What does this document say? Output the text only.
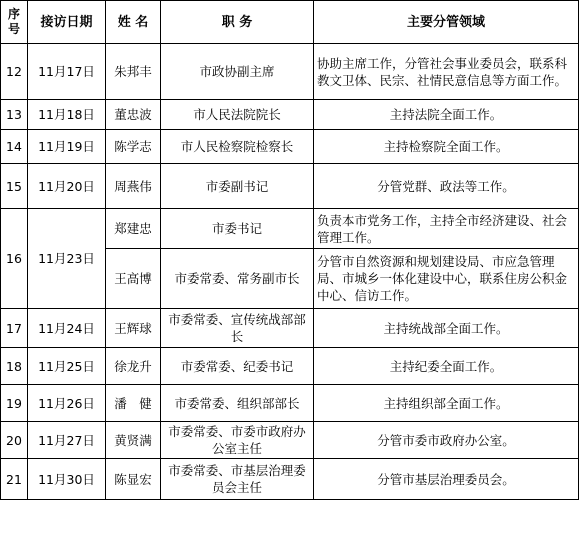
序号	接访日期	姓 名	职 务	主要分管领域
12	11月17日	朱邦丰	市政协副主席	协助主席工作，分管社会事业委员会，联系科教文卫体、民宗、社情民意信息等方面工作。
13	11月18日	董忠波	市人民法院院长	主持法院全面工作。
14	11月19日	陈学志	市人民检察院检察长	主持检察院全面工作。
15	11月20日	周燕伟	市委副书记	分管党群、政法等工作。
16	11月23日	郑建忠	市委书记	负责本市党务工作，主持全市经济建设、社会管理工作。
		王高博	市委常委、常务副市长	分管市自然资源和规划建设局、市应急管理局、市城乡一体化建设中心，联系住房公积金中心、信访工作。
17	11月24日	王辉球	市委常委、宣传统战部部长	主持统战部全面工作。
18	11月25日	徐龙升	市委常委、纪委书记	主持纪委全面工作。
19	11月26日	潘　健	市委常委、组织部部长	主持组织部全面工作。
20	11月27日	黄贤满	市委常委、市委市政府办公室主任	分管市委市政府办公室。
21	11月30日	陈显宏	市委常委、市基层治理委员会主任	分管市基层治理委员会。
